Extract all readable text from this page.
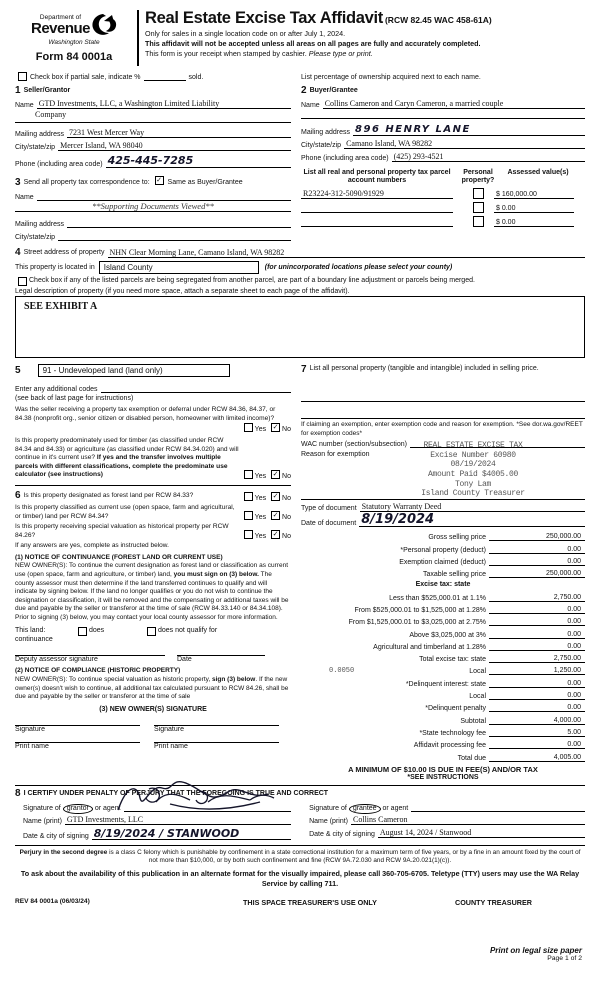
Department of
Revenue
Washington State
Form 84 0001a
Real Estate Excise Tax Affidavit (RCW 82.45 WAC 458-61A)
Only for sales in a single location code on or after July 1, 2024.
This affidavit will not be accepted unless all areas on all pages are fully and accurately completed.
This form is your receipt when stamped by cashier. Please type or print.
Check box if partial sale, indicate %	sold.	List percentage of ownership acquired next to each name.
1 Seller/Grantor
Name GTD Investments, LLC, a Washington Limited Liability
Company
Mailing address 7231 West Mercer Way
City/state/zip Mercer Island, WA 98040
Phone (including area code) 425-445-7285
3 Send all property tax correspondence to: ✓ Same as Buyer/Grantee
Name
**Supporting Documents Viewed**
Mailing address
City/state/zip
2 Buyer/Grantee
Name Collins Cameron and Caryn Cameron, a married couple
Mailing address 896 HENRY LANE
City/state/zip Camano Island, WA 98282
Phone (including area code) (425) 293-4521
List all real and personal property tax parcel account numbers
Personal property?
Assessed value(s)
R23224-312-5090/91929	$ 160,000.00
$ 0.00
$ 0.00
4 Street address of property NHN Clear Morning Lane, Camano Island, WA 98282
This property is located in	Island County	(for unincorporated locations please select your county)
Check box if any of the listed parcels are being segregated from another parcel, are part of a boundary line adjustment or parcels being merged.
Legal description of property (if you need more space, attach a separate sheet to each page of the affidavit).
SEE EXHIBIT A
5	91 - Undeveloped land (land only)
Enter any additional codes
(see back of last page for instructions)
Was the seller receiving a property tax exemption or deferral under RCW 84.36, 84.37, or 84.38 (nonprofit org., senior citizen or disabled person, homeowner with limited income)?
Yes ✓ No
Is this property predominately used for timber (as classified under RCW 84.34 and 84.33) or agriculture (as classified under RCW 84.34.020) and will continue in it's current use? If yes and the transfer involves multiple parcels with different classifications, complete the predominate use calculator (see instructions)	Yes ✓ No
6 Is this property designated as forest land per RCW 84.33?	Yes ✓ No
Is this property classified as current use (open space, farm and agricultural, or timber) land per RCW 84.34?	Yes ✓ No
Is this property receiving special valuation as historical property per RCW 84.26?	Yes ✓ No
If any answers are yes, complete as instructed below.
(1) NOTICE OF CONTINUANCE (FOREST LAND OR CURRENT USE)
NEW OWNER(S): To continue the current designation as forest land or classification as current use (open space, farm and agriculture, or timber) land, you must sign on (3) below. The county assessor must then determine if the land transferred continues to qualify and will indicate by signing below. If the land no longer qualifies or you do not wish to continue the designation or classification, it will be removed and the compensating or additional taxes will be due and payable by the seller or transferor at the time of sale (RCW 84.33.140 or 84.34.108). Prior to signing (3) below, you may contact your local county assessor for more information.
This land:	does	does not qualify for
continuance
Deputy assessor signature	Date
(2) NOTICE OF COMPLIANCE (HISTORIC PROPERTY)
NEW OWNER(S): To continue special valuation as historic property, sign (3) below. If the new owner(s) doesn't wish to continue, all additional tax calculated pursuant to RCW 84.26, shall be due and payable by the seller or transferor at the time of sale
(3) NEW OWNER(S) SIGNATURE
Signature	Signature
Print name	Print name
7 List all personal property (tangible and intangible) included in selling price.
If claiming an exemption, enter exemption code and reason for exemption. *See dor.wa.gov/REET for exemption codes*
WAC number (section/subsection)
Reason for exemption
REAL ESTATE EXCISE TAX
Excise Number 60980
08/19/2024
Amount Paid $4005.00
Tony Lam
Island County Treasurer
Type of document Statutory Warranty Deed
Date of document 8/19/2024
Gross selling price	250,000.00
*Personal property (deduct)	0.00
Exemption claimed (deduct)	0.00
Taxable selling price	250,000.00
Excise tax: state
Less than $525,000.01 at 1.1%	2,750.00
From $525,000.01 to $1,525,000 at 1.28%	0.00
From $1,525,000.01 to $3,025,000 at 2.75%	0.00
Above $3,025,000 at 3%	0.00
Agricultural and timberland at 1.28%	0.00
Total excise tax: state	2,750.00
0.0050	Local	1,250.00
*Delinquent interest: state	0.00
Local	0.00
*Delinquent penalty	0.00
Subtotal	4,000.00
*State technology fee	5.00
Affidavit processing fee	0.00
Total due	4,005.00
A MINIMUM OF $10.00 IS DUE IN FEE(S) AND/OR TAX
*SEE INSTRUCTIONS
8 I CERTIFY UNDER PENALTY OF PERJURY THAT THE FOREGOING IS TRUE AND CORRECT
Signature of grantor or agent
Name (print) GTD Investments, LLC
Date & city of signing 8/19/2024 / STANWOOD
Signature of grantee or agent
Name (print) Collins Cameron
Date & city of signing August 14, 2024 / Stanwood
Perjury in the second degree is a class C felony which is punishable by confinement in a state correctional institution for a maximum term of five years, or by a fine in an amount fixed by the court of not more than $10,000, or by both such confinement and fine (RCW 9A.72.030 and RCW 9A.20.021(1)(c)).
To ask about the availability of this publication in an alternate format for the visually impaired, please call 360-705-6705. Teletype (TTY) users may use the WA Relay Service by calling 711.
REV 84 0001a (06/03/24)	THIS SPACE TREASURER'S USE ONLY	COUNTY TREASURER
Print on legal size paper
Page 1 of 2
